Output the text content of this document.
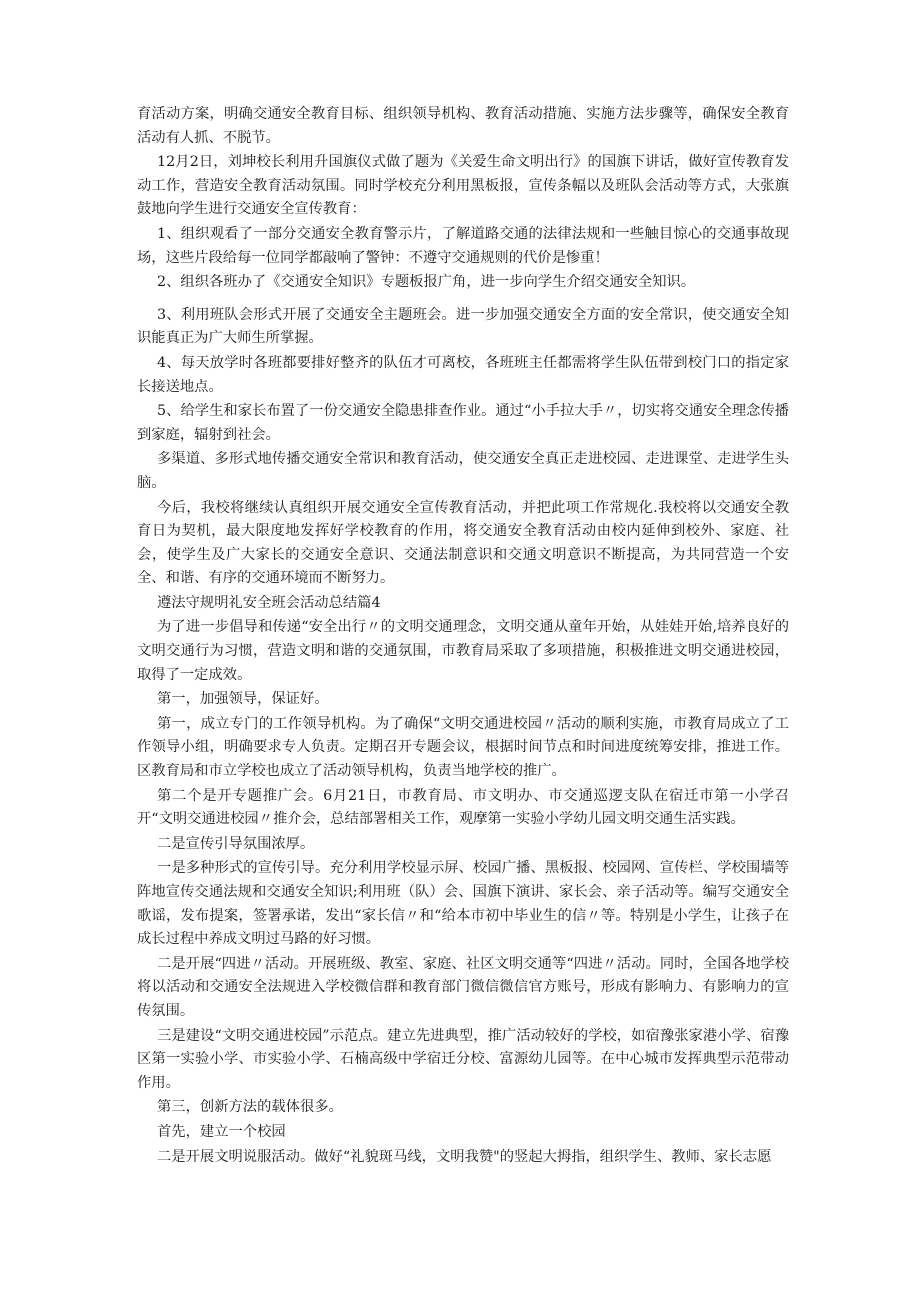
育活动方案，明确交通安全教育目标、组织领导机构、教育活动措施、实施方法步骤等，确保安全教育活动有人抓、不脱节。

12月2日，刘坤校长利用升国旗仪式做了题为《关爱生命文明出行》的国旗下讲话，做好宣传教育发动工作，营造安全教育活动氛围。同时学校充分利用黑板报，宣传条幅以及班队会活动等方式，大张旗鼓地向学生进行交通安全宣传教育：

1、组织观看了一部分交通安全教育警示片，了解道路交通的法律法规和一些触目惊心的交通事故现场，这些片段给每一位同学都敲响了警钟：不遵守交通规则的代价是惨重！

2、组织各班办了《交通安全知识》专题板报广角，进一步向学生介绍交通安全知识。

3、利用班队会形式开展了交通安全主题班会。进一步加强交通安全方面的安全常识，使交通安全知识能真正为广大师生所掌握。

4、每天放学时各班都要排好整齐的队伍才可离校，各班班主任都需将学生队伍带到校门口的指定家长接送地点。

5、给学生和家长布置了一份交通安全隐患排查作业。通过“小手拉大手〃，切实将交通安全理念传播到家庭，辐射到社会。

多渠道、多形式地传播交通安全常识和教育活动，使交通安全真正走进校园、走进课堂、走进学生头脑。

今后，我校将继续认真组织开展交通安全宣传教育活动，并把此项工作常规化.我校将以交通安全教育日为契机，最大限度地发挥好学校教育的作用，将交通安全教育活动由校内延伸到校外、家庭、社会，使学生及广大家长的交通安全意识、交通法制意识和交通文明意识不断提高，为共同营造一个安全、和谐、有序的交通环境而不断努力。

遵法守规明礼安全班会活动总结篇4

为了进一步倡导和传递“安全出行〃的文明交通理念，文明交通从童年开始，从娃娃开始,培养良好的文明交通行为习惯，营造文明和谐的交通氛围，市教育局采取了多项措施，积极推进文明交通进校园，取得了一定成效。

第一，加强领导，保证好。

第一，成立专门的工作领导机构。为了确保“文明交通进校园〃活动的顺利实施，市教育局成立了工作领导小组，明确要求专人负责。定期召开专题会议，根据时间节点和时间进度统筹安排，推进工作。区教育局和市立学校也成立了活动领导机构，负责当地学校的推广。

第二个是开专题推广会。6月21日，市教育局、市文明办、市交通巡逻支队在宿迁市第一小学召开“文明交通进校园〃推介会，总结部署相关工作，观摩第一实验小学幼儿园文明交通生活实践。

二是宣传引导氛围浓厚。

一是多种形式的宣传引导。充分利用学校显示屏、校园广播、黑板报、校园网、宣传栏、学校围墙等阵地宣传交通法规和交通安全知识;利用班（队）会、国旗下演讲、家长会、亲子活动等。编写交通安全歌谣，发布提案，签署承诺，发出“家长信〃和“给本市初中毕业生的信〃等。特别是小学生，让孩子在成长过程中养成文明过马路的好习惯。

二是开展“四进〃活动。开展班级、教室、家庭、社区文明交通等“四进〃活动。同时，全国各地学校将以活动和交通安全法规进入学校微信群和教育部门微信微信官方账号，形成有影响力、有影响力的宣传氛围。

三是建设“文明交通进校园”示范点。建立先进典型，推广活动较好的学校，如宿豫张家港小学、宿豫区第一实验小学、市实验小学、石楠高级中学宿迁分校、富源幼儿园等。在中心城市发挥典型示范带动作用。

第三，创新方法的载体很多。

首先，建立一个校园

二是开展文明说服活动。做好“礼貌斑马线，文明我赞"的竖起大拇指，组织学生、教师、家长志愿
